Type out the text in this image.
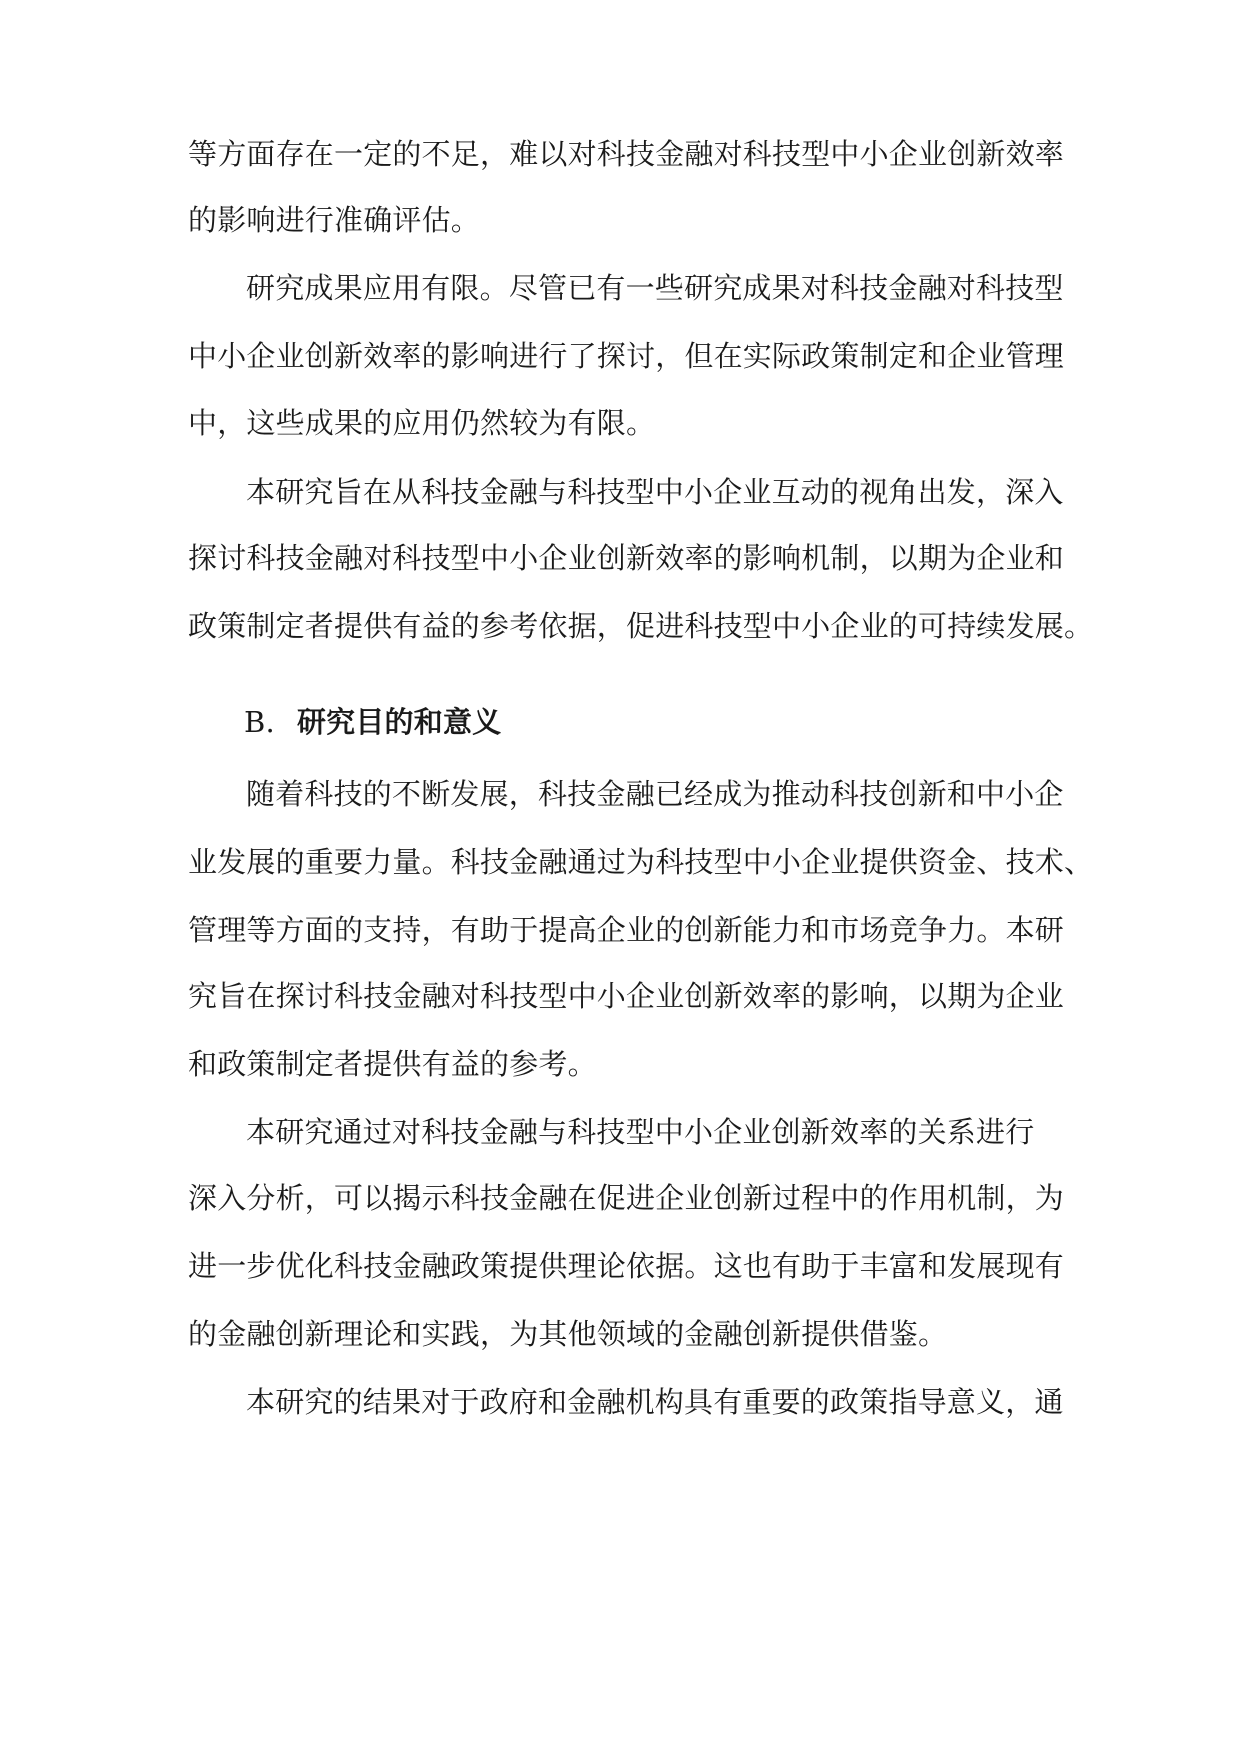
等方面存在一定的不足，难以对科技金融对科技型中小企业创新效率
的影响进行准确评估。
研究成果应用有限。尽管已有一些研究成果对科技金融对科技型
中小企业创新效率的影响进行了探讨，但在实际政策制定和企业管理
中，这些成果的应用仍然较为有限。
本研究旨在从科技金融与科技型中小企业互动的视角出发，深入
探讨科技金融对科技型中小企业创新效率的影响机制，以期为企业和
政策制定者提供有益的参考依据，促进科技型中小企业的可持续发展。
B. 研究目的和意义
随着科技的不断发展，科技金融已经成为推动科技创新和中小企
业发展的重要力量。科技金融通过为科技型中小企业提供资金、技术、
管理等方面的支持，有助于提高企业的创新能力和市场竞争力。本研
究旨在探讨科技金融对科技型中小企业创新效率的影响，以期为企业
和政策制定者提供有益的参考。
本研究通过对科技金融与科技型中小企业创新效率的关系进行
深入分析，可以揭示科技金融在促进企业创新过程中的作用机制，为
进一步优化科技金融政策提供理论依据。这也有助于丰富和发展现有
的金融创新理论和实践，为其他领域的金融创新提供借鉴。
本研究的结果对于政府和金融机构具有重要的政策指导意义，通
